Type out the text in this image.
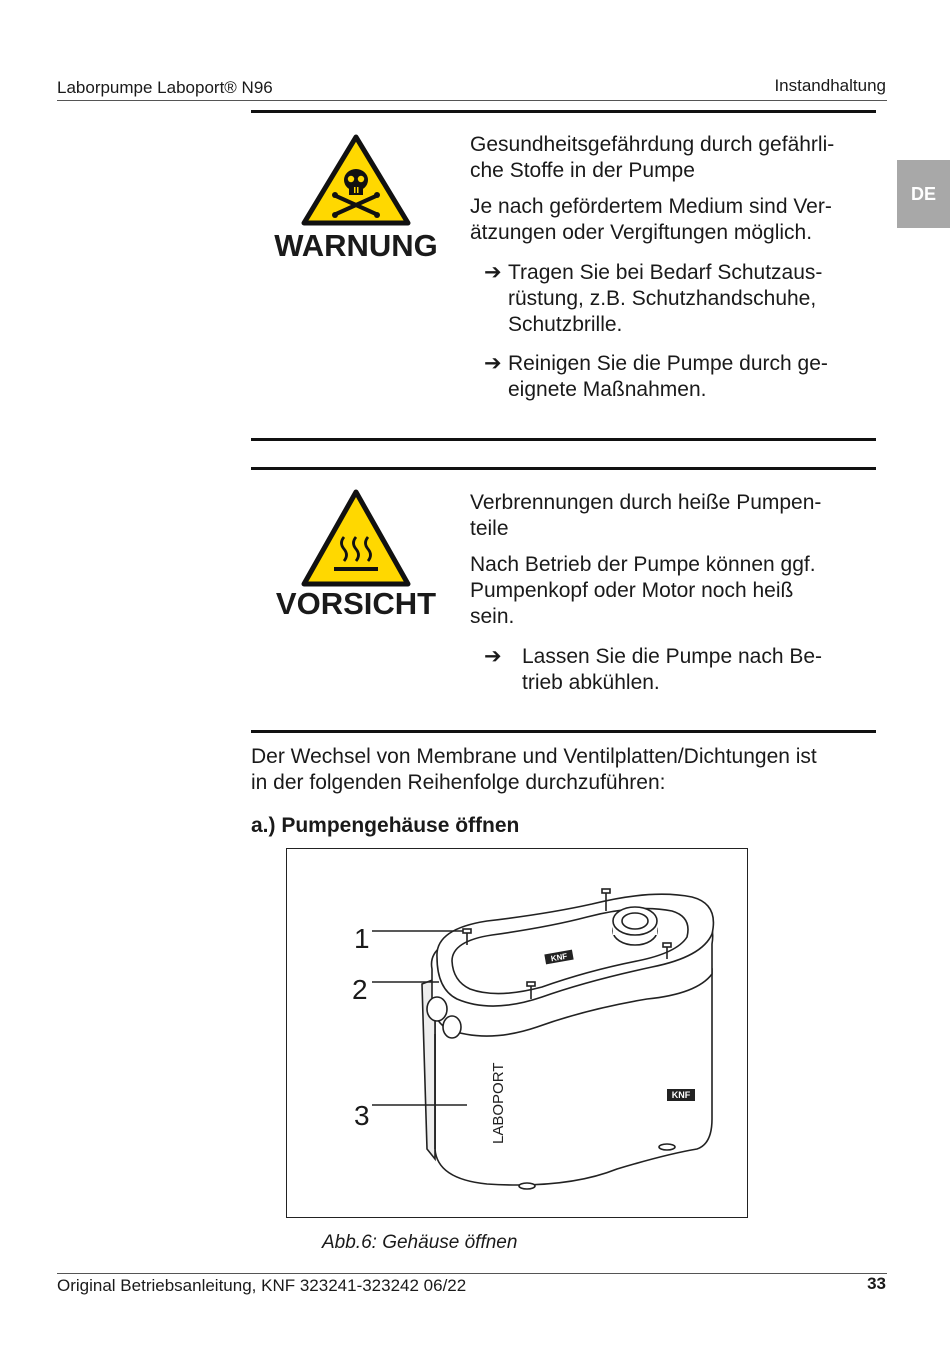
Laborpumpe Laboport® N96	Instandhaltung
DE
WARNUNG

Gesundheitsgefährdung durch gefährli-

che Stoffe in der Pumpe

Je nach gefördertem Medium sind Ver-

ätzungen oder Vergiftungen möglich.

➔ Tragen Sie bei Bedarf Schutzaus-
rüstung, z.B. Schutzhandschuhe,
Schutzbrille.
➔ Reinigen Sie die Pumpe durch ge-
eignete Maßnahmen.
VORSICHT

Verbrennungen durch heiße Pumpen-

teile

Nach Betrieb der Pumpe können ggf.

Pumpenkopf oder Motor noch heiß

sein.

➔ Lassen Sie die Pumpe nach Be-
trieb abkühlen.
Der Wechsel von Membrane und Ventilplatten/Dichtungen ist
in der folgenden Reihenfolge durchzuführen:
a.) Pumpengehäuse öffnen
KNF
KNF
LABOPORT
1
2
3
Abb.6: Gehäuse öffnen
Original Betriebsanleitung, KNF 323241-323242 06/22	33
